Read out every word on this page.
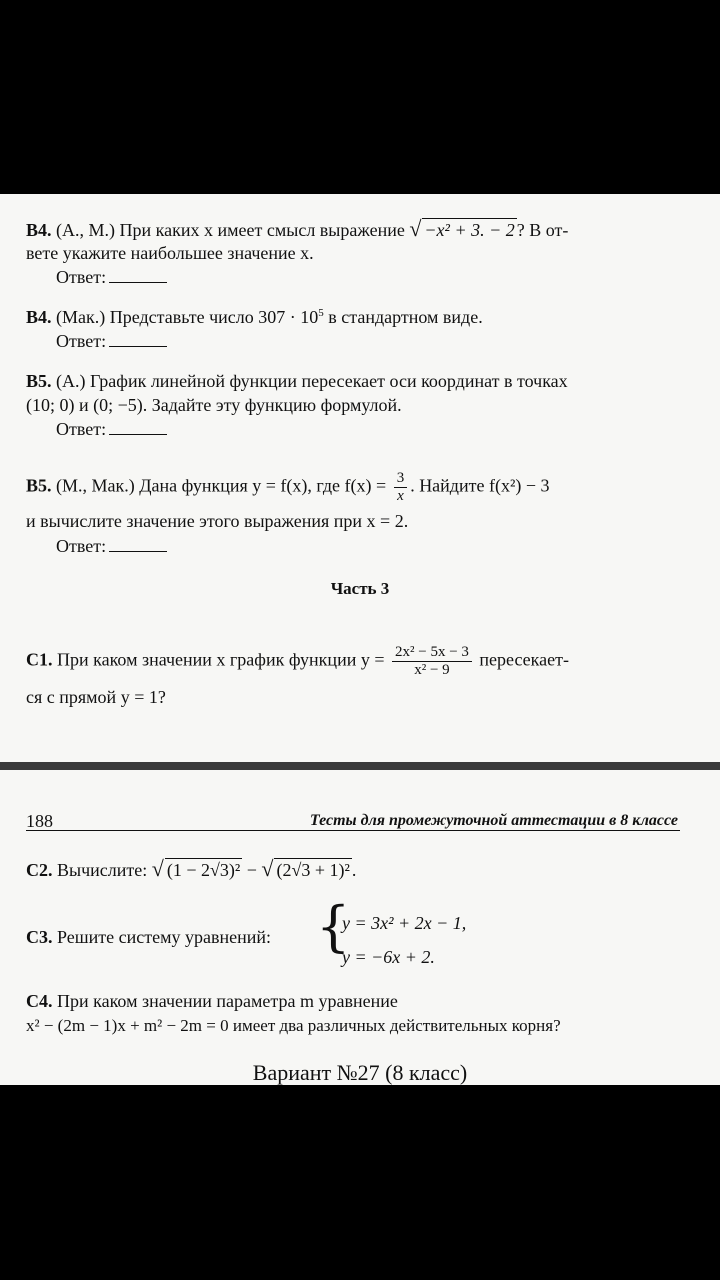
В4. (А., М.) При каких x имеет смысл выражение √ −x² + 3. − 2 ? В от-
вете укажите наибольшее значение x.
Ответ:
В4. (Мак.) Представьте число $307 \cdot 10^5$ в стандартном виде.
Ответ:
В5. (А.) График линейной функции пересекает оси координат в точках
(10; 0) и (0; −5). Задайте эту функцию формулой.
Ответ:
В5. (М., Мак.) Дана функция y = f(x), где $f(x) = \frac{3}{x}$ . Найдите f(x²) − 3
и вычислите значение этого выражения при x = 2.
Ответ:
Часть 3
С1. При каком значении x график функции $y = \frac{\text{2x² − 5x − 3}}{\text{x² − 9}}$ пересекает-
ся с прямой y = 1?
188	Тесты для промежуточной аттестации в 8 классе
С2. Вычислите: √ (1 − 2√3)² − √ (2√3 + 1)² .
С3. Решите систему уравнений: {
y = 3x² + 2x − 1,
y = −6x + 2.
С4. При каком значении параметра m уравнение
x² − (2m − 1)x + m² − 2m = 0 имеет два различных действительных корня?
Вариант №27 (8 класс)
